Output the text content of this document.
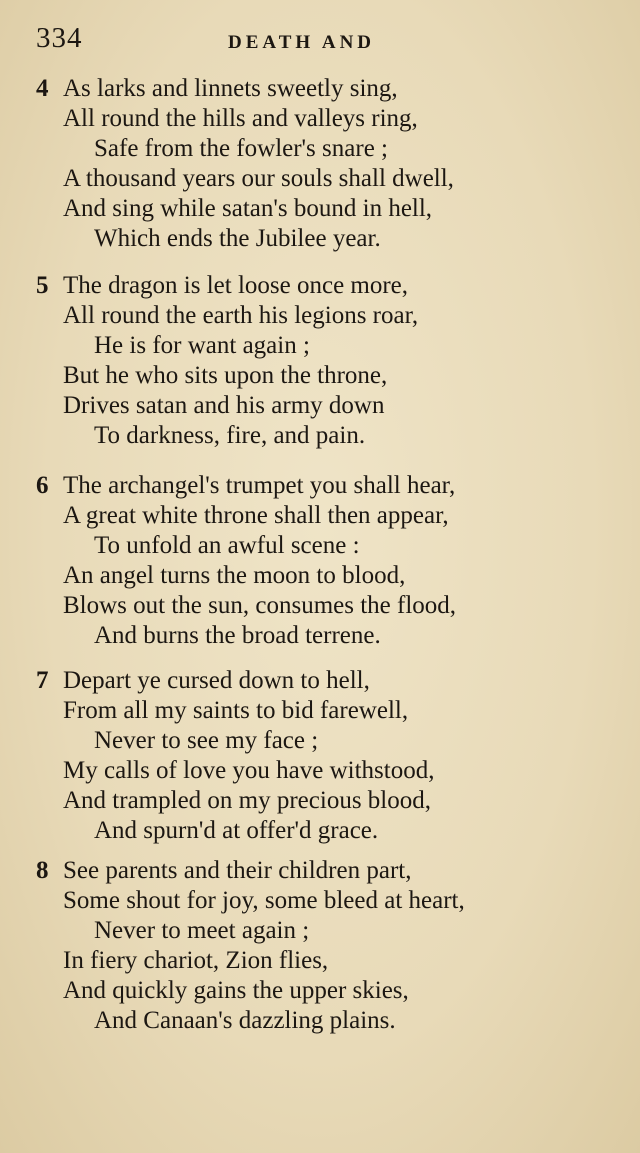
334	DEATH AND
4 As larks and linnets sweetly sing,
All round the hills and valleys ring,
Safe from the fowler's snare ;
A thousand years our souls shall dwell,
And sing while satan's bound in hell,
Which ends the Jubilee year.
5 The dragon is let loose once more,
All round the earth his legions roar,
He is for want again ;
But he who sits upon the throne,
Drives satan and his army down
To darkness, fire, and pain.
6 The archangel's trumpet you shall hear,
A great white throne shall then appear,
To unfold an awful scene :
An angel turns the moon to blood,
Blows out the sun, consumes the flood,
And burns the broad terrene.
7 Depart ye cursed down to hell,
From all my saints to bid farewell,
Never to see my face ;
My calls of love you have withstood,
And trampled on my precious blood,
And spurn'd at offer'd grace.
8 See parents and their children part,
Some shout for joy, some bleed at heart,
Never to meet again ;
In fiery chariot, Zion flies,
And quickly gains the upper skies,
And Canaan's dazzling plains.
